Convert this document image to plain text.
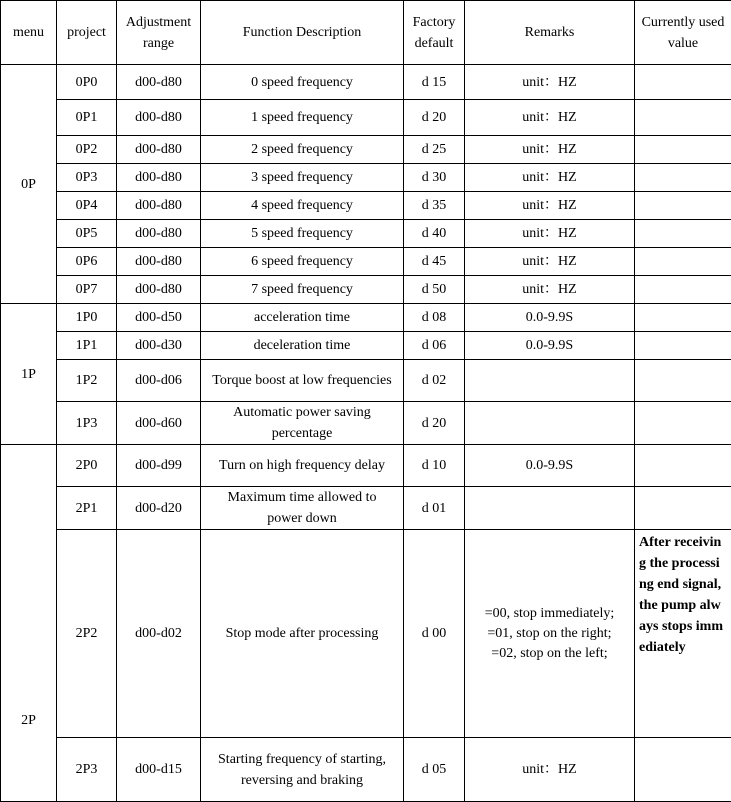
menu	project	Adjustment range	Function Description	Factory default	Remarks	Currently used value
0P	0P0	d00-d80	0 speed frequency	d 15	unit：HZ	
	0P1	d00-d80	1 speed frequency	d 20	unit：HZ	
	0P2	d00-d80	2 speed frequency	d 25	unit：HZ	
	0P3	d00-d80	3 speed frequency	d 30	unit：HZ	
	0P4	d00-d80	4 speed frequency	d 35	unit：HZ	
	0P5	d00-d80	5 speed frequency	d 40	unit：HZ	
	0P6	d00-d80	6 speed frequency	d 45	unit：HZ	
	0P7	d00-d80	7 speed frequency	d 50	unit：HZ	
1P	1P0	d00-d50	acceleration time	d 08	0.0-9.9S	
	1P1	d00-d30	deceleration time	d 06	0.0-9.9S	
	1P2	d00-d06	Torque boost at low frequencies	d 02		
	1P3	d00-d60	Automatic power saving percentage	d 20		
2P	2P0	d00-d99	Turn on high frequency delay	d 10	0.0-9.9S	
	2P1	d00-d20	Maximum time allowed to power down	d 01		
	2P2	d00-d02	Stop mode after processing	d 00	=00, stop immediately;
=01, stop on the right;
=02, stop on the left;	After receiving the processing end signal, the pump always stops immediately
	2P3	d00-d15	Starting frequency of starting, reversing and braking	d 05	unit：HZ	
